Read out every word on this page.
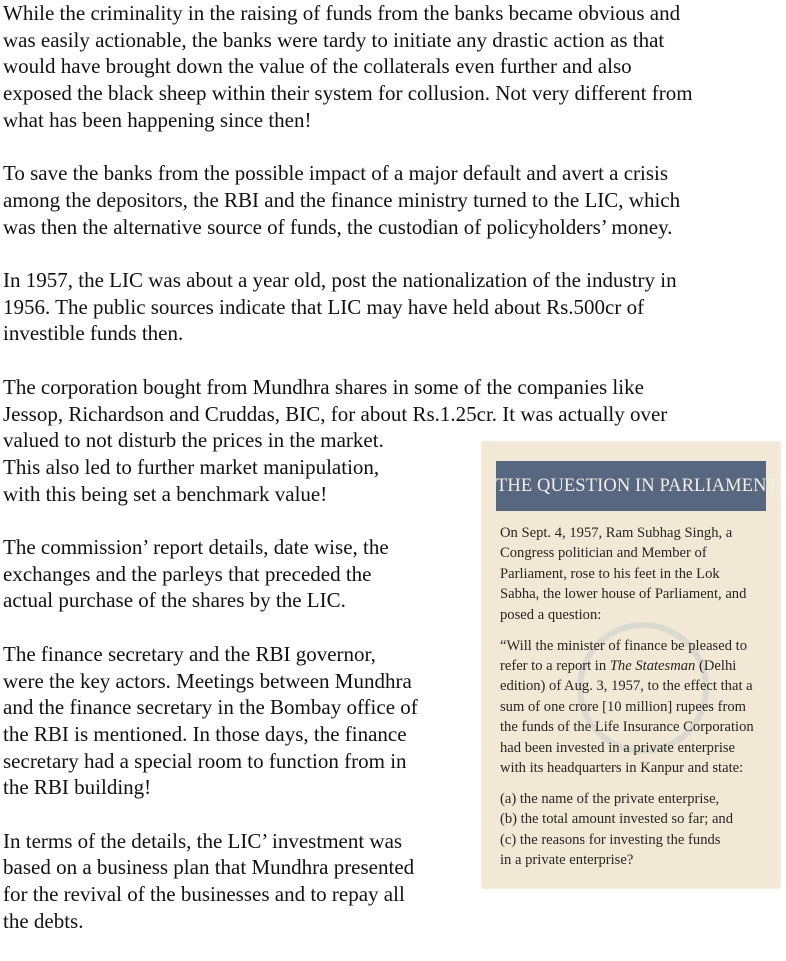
While the criminality in the raising of funds from the banks became obvious and
was easily actionable, the banks were tardy to initiate any drastic action as that
would have brought down the value of the collaterals even further and also
exposed the black sheep within their system for collusion. Not very different from
what has been happening since then!

To save the banks from the possible impact of a major default and avert a crisis
among the depositors, the RBI and the finance ministry turned to the LIC, which
was then the alternative source of funds, the custodian of policyholders’ money.

In 1957, the LIC was about a year old, post the nationalization of the industry in
1956. The public sources indicate that LIC may have held about Rs.500cr of
investible funds then.

The corporation bought from Mundhra shares in some of the companies like
Jessop, Richardson and Cruddas, BIC, for about Rs.1.25cr. It was actually over
valued to not disturb the prices in the market.
This also led to further market manipulation,
with this being set a benchmark value!

The commission’ report details, date wise, the
exchanges and the parleys that preceded the
actual purchase of the shares by the LIC.

The finance secretary and the RBI governor,
were the key actors. Meetings between Mundhra
and the finance secretary in the Bombay office of
the RBI is mentioned. In those days, the finance
secretary had a special room to function from in
the RBI building!

In terms of the details, the LIC’ investment was
based on a business plan that Mundhra presented
for the revival of the businesses and to repay all
the debts.

THE QUESTION IN PARLIAMENT

On Sept. 4, 1957, Ram Subhag Singh, a
Congress politician and Member of
Parliament, rose to his feet in the Lok
Sabha, the lower house of Parliament, and
posed a question:

“Will the minister of finance be pleased to
refer to a report in The Statesman (Delhi
edition) of Aug. 3, 1957, to the effect that a
sum of one crore [10 million] rupees from
the funds of the Life Insurance Corporation
had been invested in a private enterprise
with its headquarters in Kanpur and state:

(a) the name of the private enterprise,
(b) the total amount invested so far; and
(c) the reasons for investing the funds
in a private enterprise?
